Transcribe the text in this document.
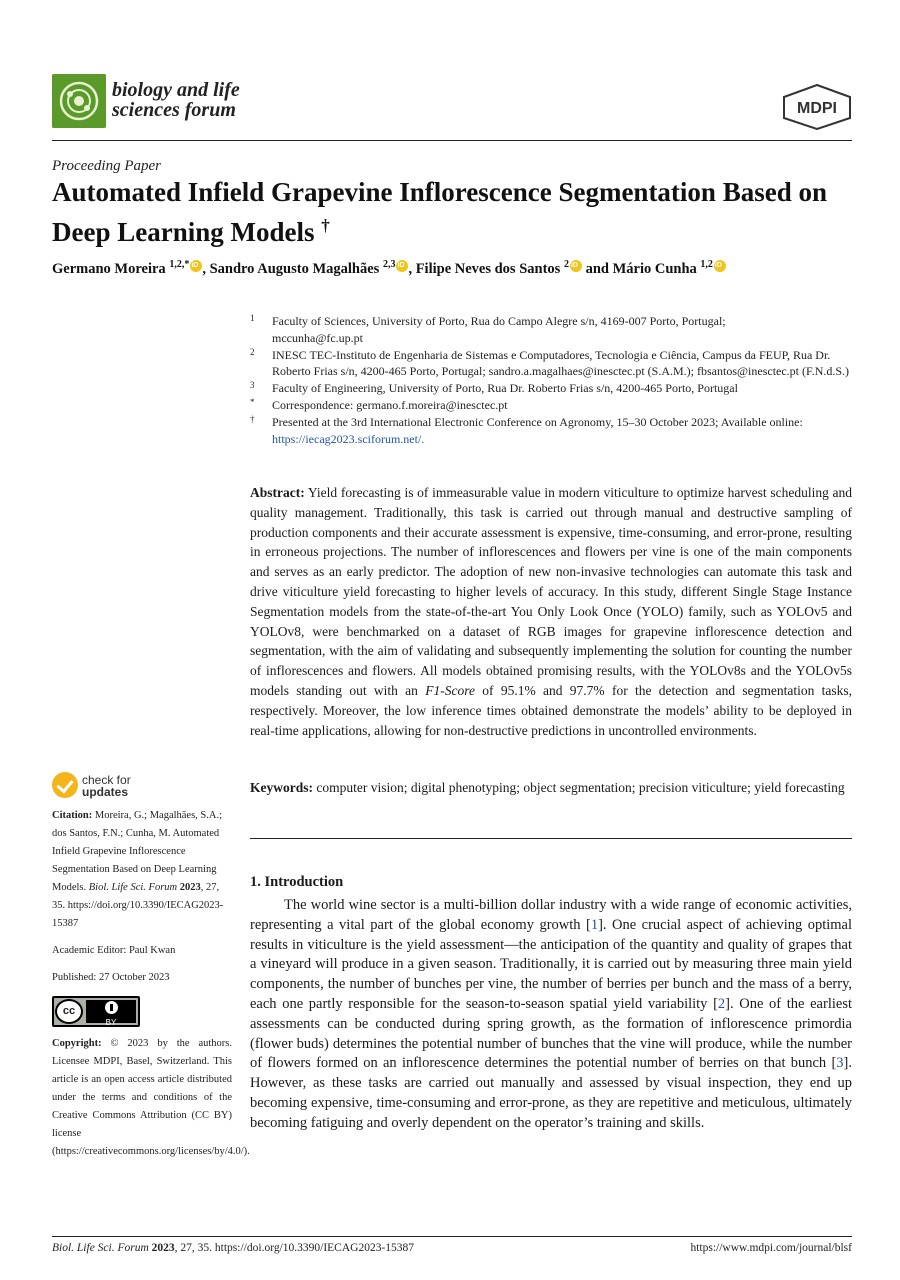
biology and life
sciences forum	MDPI
Proceeding Paper
Automated Infield Grapevine Inflorescence Segmentation Based on Deep Learning Models †
Germano Moreira $^{1,2,*}$ iD , Sandro Augusto Magalhães $^{2,3}$ iD , Filipe Neves dos Santos $^2$iD and Mário Cunha $^{1,2}$iD
1 Faculty of Sciences, University of Porto, Rua do Campo Alegre s/n, 4169-007 Porto, Portugal;
mccunha@fc.up.pt
2 INESC TEC-Instituto de Engenharia de Sistemas e Computadores, Tecnologia e Ciência, Campus da FEUP, Rua Dr. Roberto Frias s/n, 4200-465 Porto, Portugal; sandro.a.magalhaes@inesctec.pt (S.A.M.); fbsantos@inesctec.pt (F.N.d.S.)
3 Faculty of Engineering, University of Porto, Rua Dr. Roberto Frias s/n, 4200-465 Porto, Portugal
* Correspondence: germano.f.moreira@inesctec.pt
† Presented at the 3rd International Electronic Conference on Agronomy, 15–30 October 2023; Available online:
https://iecag2023.sciforum.net/.
Abstract: Yield forecasting is of immeasurable value in modern viticulture to optimize harvest scheduling and quality management. Traditionally, this task is carried out through manual and destructive sampling of production components and their accurate assessment is expensive, time-consuming, and error-prone, resulting in erroneous projections. The number of inflorescences and flowers per vine is one of the main components and serves as an early predictor. The adoption of new non-invasive technologies can automate this task and drive viticulture yield forecasting to higher levels of accuracy. In this study, different Single Stage Instance Segmentation models from the state-of-the-art You Only Look Once (YOLO) family, such as YOLOv5 and YOLOv8, were benchmarked on a dataset of RGB images for grapevine inflorescence detection and segmentation, with the aim of validating and subsequently implementing the solution for counting the number of inflorescences and flowers. All models obtained promising results, with the YOLOv8s and the YOLOv5s models standing out with an F1-Score of 95.1% and 97.7% for the detection and segmentation tasks, respectively. Moreover, the low inference times obtained demonstrate the models’ ability to be deployed in real-time applications, allowing for non-destructive predictions in uncontrolled environments.
Keywords: computer vision; digital phenotyping; object segmentation; precision viticulture; yield forecasting
check for
updates

Citation: Moreira, G.; Magalhães, S.A.; dos Santos, F.N.; Cunha, M. Automated Infield Grapevine Inflorescence Segmentation Based on Deep Learning Models. Biol. Life Sci. Forum 2023, 27, 35. https://doi.org/10.3390/IECAG2023-15387

Academic Editor: Paul Kwan

Published: 27 October 2023

cc
BY

Copyright: © 2023 by the authors. Licensee MDPI, Basel, Switzerland. This article is an open access article distributed under the terms and conditions of the Creative Commons Attribution (CC BY) license (https://creativecommons.org/licenses/by/4.0/).

1. Introduction
The world wine sector is a multi-billion dollar industry with a wide range of economic activities, representing a vital part of the global economy growth [1]. One crucial aspect of achieving optimal results in viticulture is the yield assessment—the anticipation of the quantity and quality of grapes that a vineyard will produce in a given season. Traditionally, it is carried out by measuring three main yield components, the number of bunches per vine, the number of berries per bunch and the mass of a berry, each one partly responsible for the season-to-season spatial yield variability [2]. One of the earliest assessments can be conducted during spring growth, as the formation of inflorescence primordia (flower buds) determines the potential number of bunches that the vine will produce, while the number of flowers formed on an inflorescence determines the potential number of berries on that bunch [3]. However, as these tasks are carried out manually and assessed by visual inspection, they end up becoming expensive, time-consuming and error-prone, as they are repetitive and meticulous, ultimately becoming fatiguing and overly dependent on the operator’s training and skills.
Biol. Life Sci. Forum 2023, 27, 35. https://doi.org/10.3390/IECAG2023-15387	https://www.mdpi.com/journal/blsf
